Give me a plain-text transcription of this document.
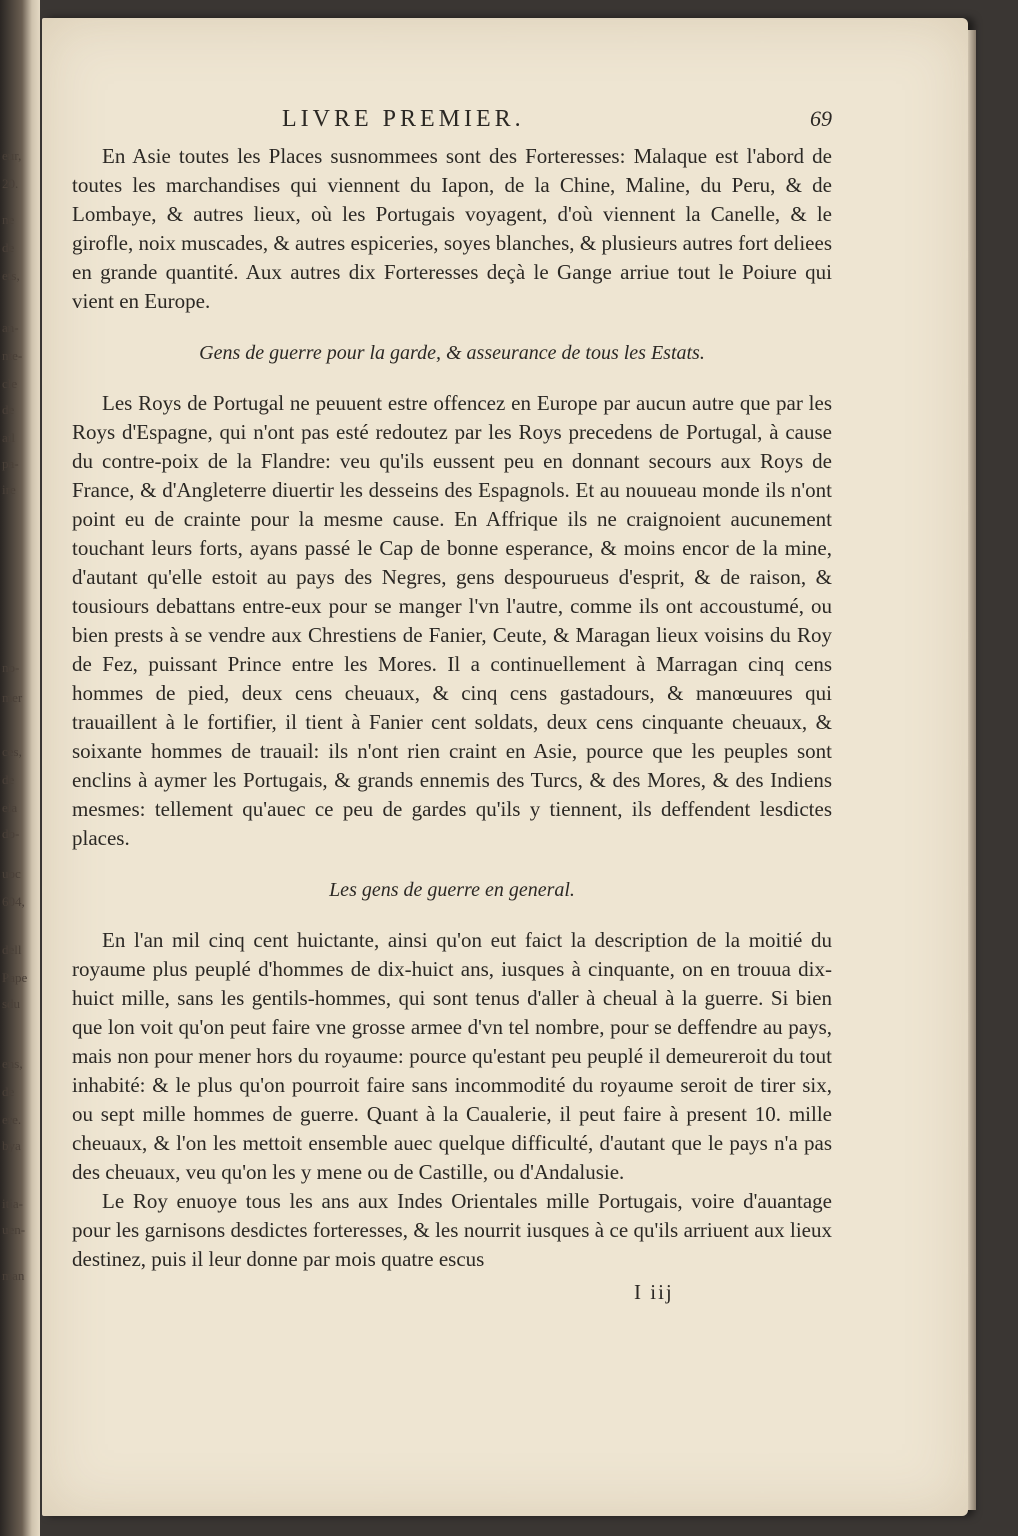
eur,
20.
ne
de
ets,
an-
nte-
cle
de
ail
pa-
ire
no-
mer
ces,
de
ela
do-
uoc
604,
dell
Pape
sdu
ens,
de
ere.
bya
itia-
uen-
man
LIVRE PREMIER.	69

En Asie toutes les Places susnommees sont des Forteresses: Malaque est l'abord de toutes les marchandises qui viennent du Iapon, de la Chine, Maline, du Peru, & de Lombaye, & autres lieux, où les Portugais voyagent, d'où viennent la Canelle, & le girofle, noix muscades, & autres espiceries, soyes blanches, & plusieurs autres fort deliees en grande quantité. Aux autres dix Forteresses deçà le Gange arriue tout le Poiure qui vient en Europe.

Gens de guerre pour la garde, & asseurance de tous les Estats.

Les Roys de Portugal ne peuuent estre offencez en Europe par aucun autre que par les Roys d'Espagne, qui n'ont pas esté redoutez par les Roys precedens de Portugal, à cause du contre-poix de la Flandre: veu qu'ils eussent peu en donnant secours aux Roys de France, & d'Angleterre diuertir les desseins des Espagnols. Et au nouueau monde ils n'ont point eu de crainte pour la mesme cause. En Affrique ils ne craignoient aucunement touchant leurs forts, ayans passé le Cap de bonne esperance, & moins encor de la mine, d'autant qu'elle estoit au pays des Negres, gens despourueus d'esprit, & de raison, & tousiours debattans entre-eux pour se manger l'vn l'autre, comme ils ont accoustumé, ou bien prests à se vendre aux Chrestiens de Fanier, Ceute, & Maragan lieux voisins du Roy de Fez, puissant Prince entre les Mores. Il a continuellement à Marragan cinq cens hommes de pied, deux cens cheuaux, & cinq cens gastadours, & manœuures qui trauaillent à le fortifier, il tient à Fanier cent soldats, deux cens cinquante cheuaux, & soixante hommes de trauail: ils n'ont rien craint en Asie, pource que les peuples sont enclins à aymer les Portugais, & grands ennemis des Turcs, & des Mores, & des Indiens mesmes: tellement qu'auec ce peu de gardes qu'ils y tiennent, ils deffendent lesdictes places.

Les gens de guerre en general.

En l'an mil cinq cent huictante, ainsi qu'on eut faict la description de la moitié du royaume plus peuplé d'hommes de dix-huict ans, iusques à cinquante, on en trouua dix-huict mille, sans les gentils-hommes, qui sont tenus d'aller à cheual à la guerre. Si bien que lon voit qu'on peut faire vne grosse armee d'vn tel nombre, pour se deffendre au pays, mais non pour mener hors du royaume: pource qu'estant peu peuplé il demeureroit du tout inhabité: & le plus qu'on pourroit faire sans incommodité du royaume seroit de tirer six, ou sept mille hommes de guerre. Quant à la Caualerie, il peut faire à present 10. mille cheuaux, & l'on les mettoit ensemble auec quelque difficulté, d'autant que le pays n'a pas des cheuaux, veu qu'on les y mene ou de Castille, ou d'Andalusie.

Le Roy enuoye tous les ans aux Indes Orientales mille Portugais, voire d'auantage pour les garnisons desdictes forteresses, & les nourrit iusques à ce qu'ils arriuent aux lieux destinez, puis il leur donne par mois quatre escus

I iij
